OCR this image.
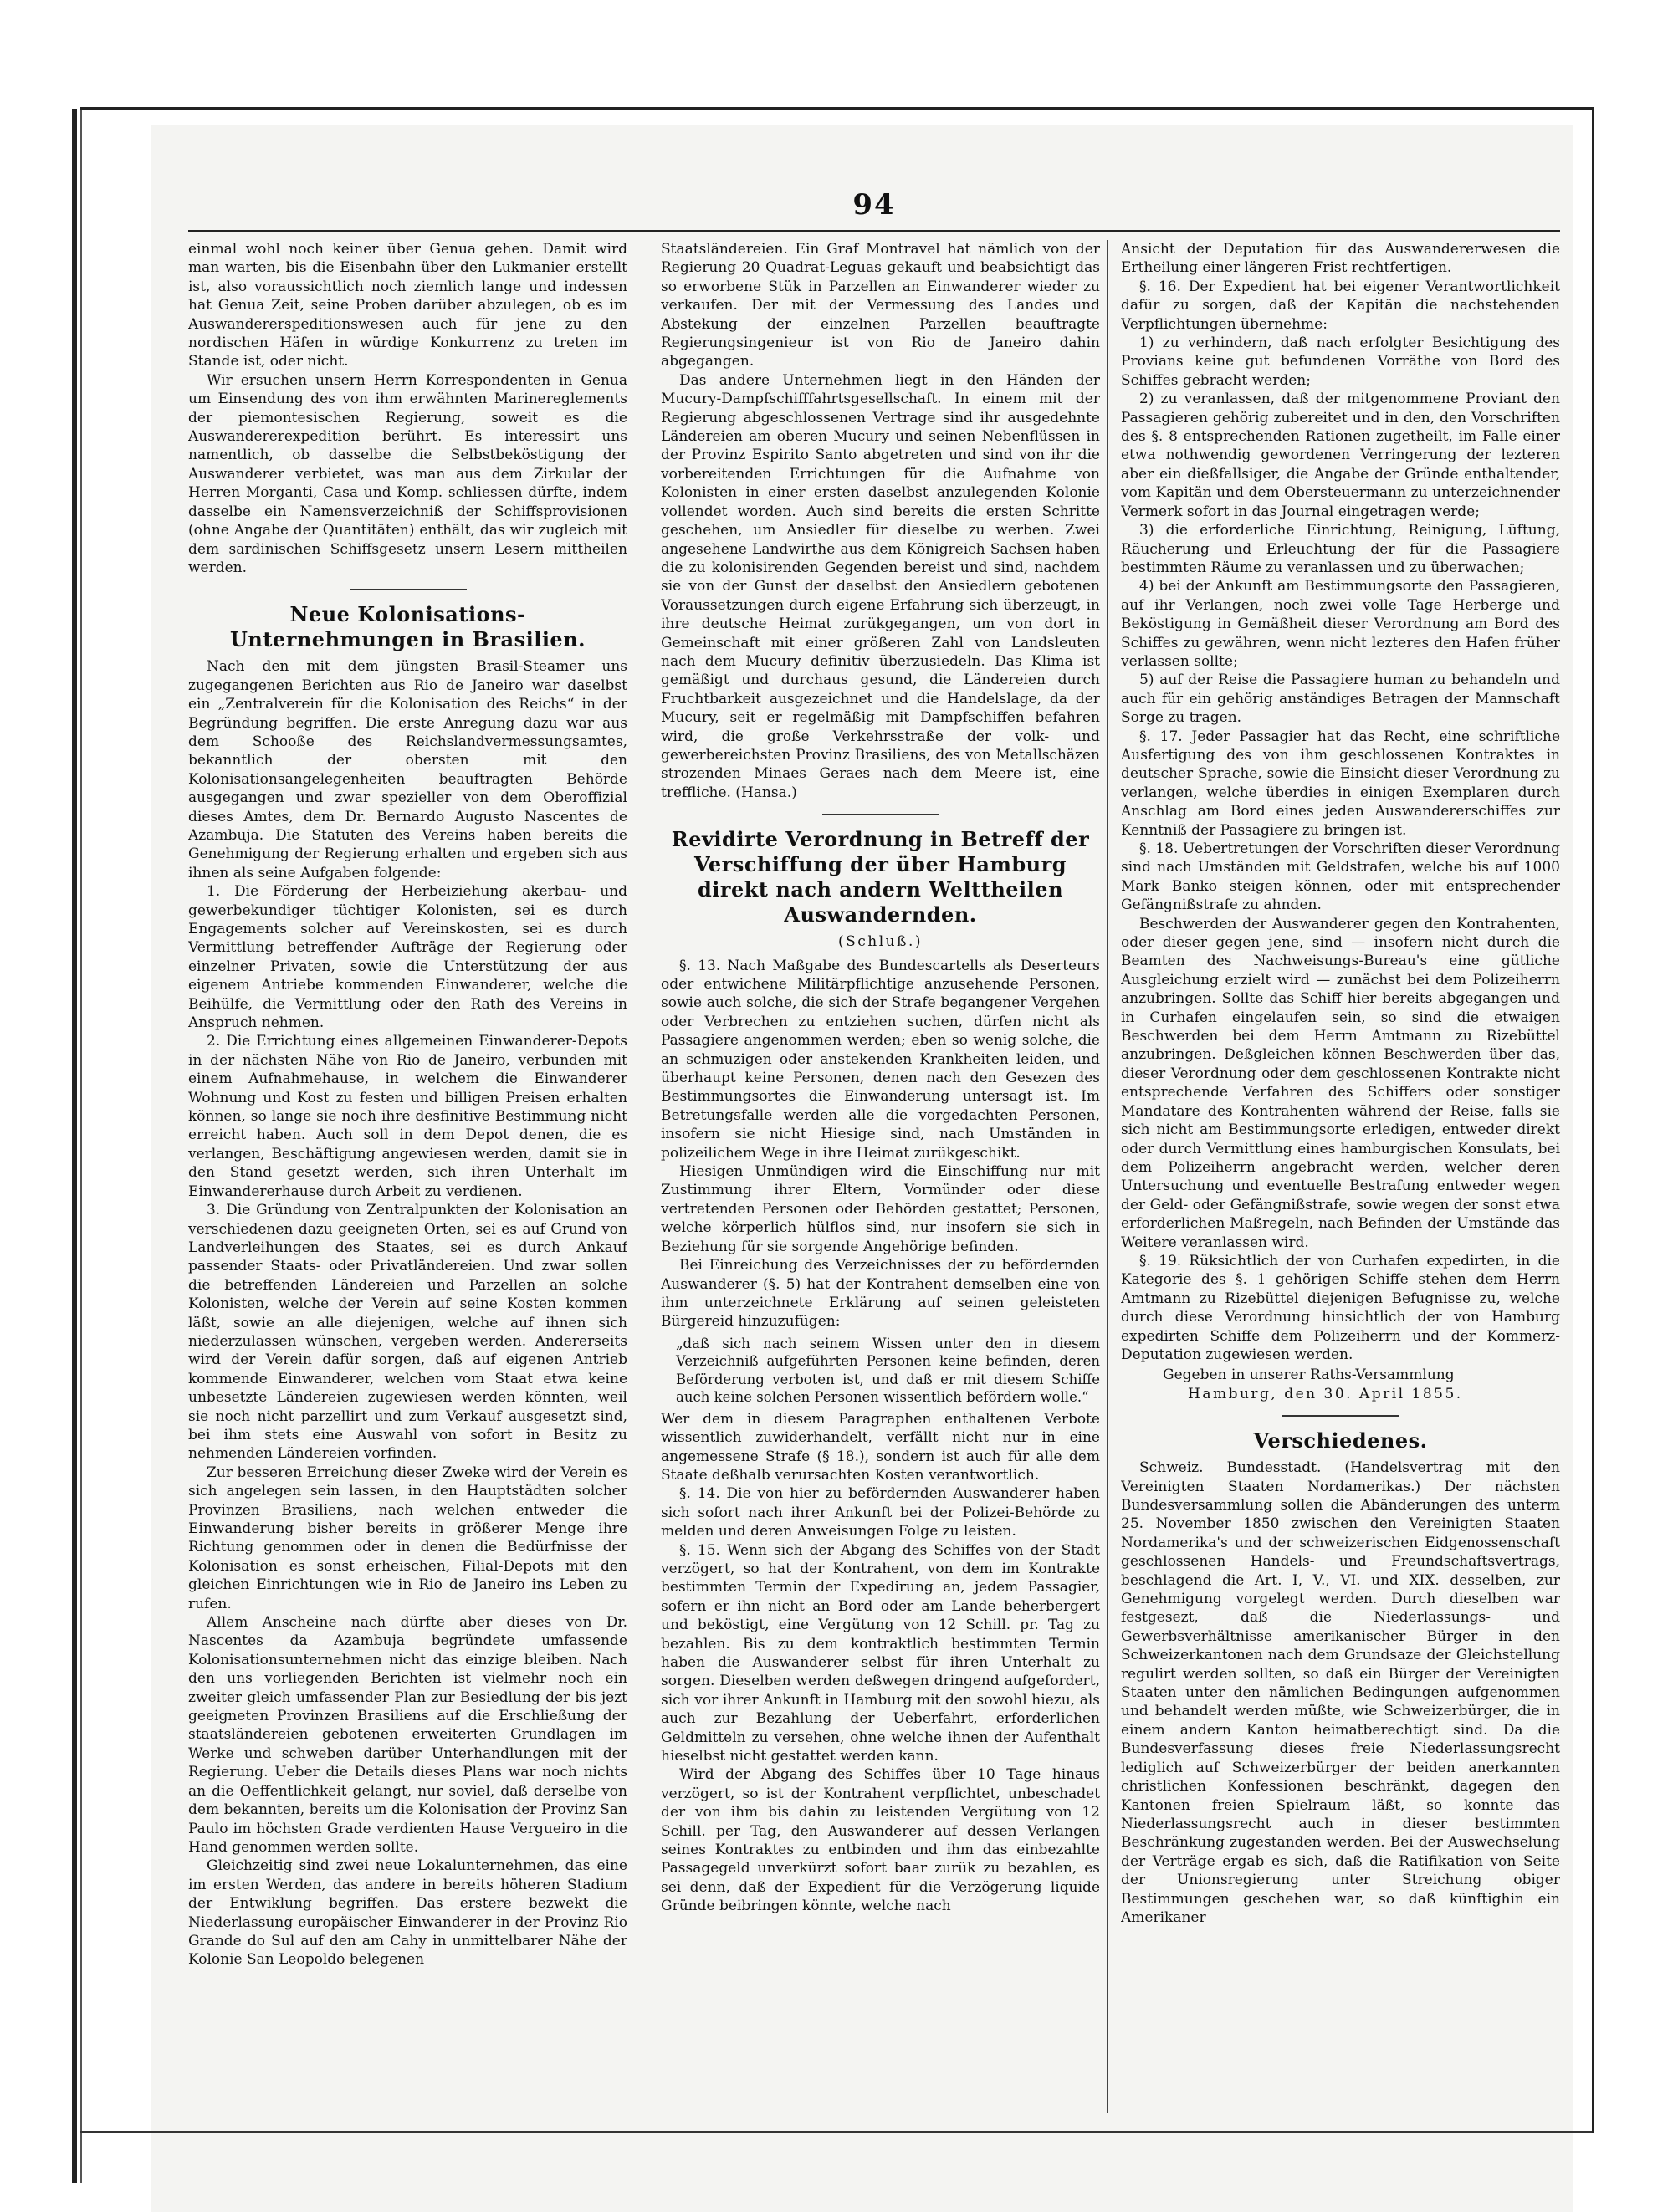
94

einmal wohl noch keiner über Genua gehen. Damit wird man warten, bis die Eisenbahn über den Lukmanier erstellt ist, also voraussichtlich noch ziemlich lange und indessen hat Genua Zeit, seine Proben darüber abzulegen, ob es im Auswandererspeditionswesen auch für jene zu den nordischen Häfen in würdige Konkurrenz zu treten im Stande ist, oder nicht.

Wir ersuchen unsern Herrn Korrespondenten in Genua um Einsendung des von ihm erwähnten Marinereglements der piemontesischen Regierung, soweit es die Auswandererexpedition berührt. Es interessirt uns namentlich, ob dasselbe die Selbstbeköstigung der Auswanderer verbietet, was man aus dem Zirkular der Herren Morganti, Casa und Komp. schliessen dürfte, indem dasselbe ein Namensverzeichniß der Schiffsprovisionen (ohne Angabe der Quantitäten) enthält, das wir zugleich mit dem sardinischen Schiffsgesetz unsern Lesern mittheilen werden.

Neue Kolonisations-Unternehmungen in Brasilien.

Nach den mit dem jüngsten Brasil-Steamer uns zugegangenen Berichten aus Rio de Janeiro war daselbst ein „Zentralverein für die Kolonisation des Reichs“ in der Begründung begriffen. Die erste Anregung dazu war aus dem Schooße des Reichslandvermessungsamtes, bekanntlich der obersten mit den Kolonisationsangelegenheiten beauftragten Behörde ausgegangen und zwar spezieller von dem Oberoffizial dieses Amtes, dem Dr. Bernardo Augusto Nascentes de Azambuja. Die Statuten des Vereins haben bereits die Genehmigung der Regierung erhalten und ergeben sich aus ihnen als seine Aufgaben folgende:

1. Die Förderung der Herbeiziehung akerbau- und gewerbekundiger tüchtiger Kolonisten, sei es durch Engagements solcher auf Vereinskosten, sei es durch Vermittlung betreffender Aufträge der Regierung oder einzelner Privaten, sowie die Unterstützung der aus eigenem Antriebe kommenden Einwanderer, welche die Beihülfe, die Vermittlung oder den Rath des Vereins in Anspruch nehmen.

2. Die Errichtung eines allgemeinen Einwanderer-Depots in der nächsten Nähe von Rio de Janeiro, verbunden mit einem Aufnahmehause, in welchem die Einwanderer Wohnung und Kost zu festen und billigen Preisen erhalten können, so lange sie noch ihre desfinitive Bestimmung nicht erreicht haben. Auch soll in dem Depot denen, die es verlangen, Beschäftigung angewiesen werden, damit sie in den Stand gesetzt werden, sich ihren Unterhalt im Einwandererhause durch Arbeit zu verdienen.

3. Die Gründung von Zentralpunkten der Kolonisation an verschiedenen dazu geeigneten Orten, sei es auf Grund von Landverleihungen des Staates, sei es durch Ankauf passender Staats- oder Privatländereien. Und zwar sollen die betreffenden Ländereien und Parzellen an solche Kolonisten, welche der Verein auf seine Kosten kommen läßt, sowie an alle diejenigen, welche auf ihnen sich niederzulassen wünschen, vergeben werden. Andererseits wird der Verein dafür sorgen, daß auf eigenen Antrieb kommende Einwanderer, welchen vom Staat etwa keine unbesetzte Ländereien zugewiesen werden könnten, weil sie noch nicht parzellirt und zum Verkauf ausgesetzt sind, bei ihm stets eine Auswahl von sofort in Besitz zu nehmenden Ländereien vorfinden.

Zur besseren Erreichung dieser Zweke wird der Verein es sich angelegen sein lassen, in den Hauptstädten solcher Provinzen Brasiliens, nach welchen entweder die Einwanderung bisher bereits in größerer Menge ihre Richtung genommen oder in denen die Bedürfnisse der Kolonisation es sonst erheischen, Filial-Depots mit den gleichen Einrichtungen wie in Rio de Janeiro ins Leben zu rufen.

Allem Anscheine nach dürfte aber dieses von Dr. Nascentes da Azambuja begründete umfassende Kolonisationsunternehmen nicht das einzige bleiben. Nach den uns vorliegenden Berichten ist vielmehr noch ein zweiter gleich umfassender Plan zur Besiedlung der bis jezt geeigneten Provinzen Brasiliens auf die Erschließung der staatsländereien gebotenen erweiterten Grundlagen im Werke und schweben darüber Unterhandlungen mit der Regierung. Ueber die Details dieses Plans war noch nichts an die Oeffentlichkeit gelangt, nur soviel, daß derselbe von dem bekannten, bereits um die Kolonisation der Provinz San Paulo im höchsten Grade verdienten Hause Vergueiro in die Hand genommen werden sollte.

Gleichzeitig sind zwei neue Lokalunternehmen, das eine im ersten Werden, das andere in bereits höheren Stadium der Entwiklung begriffen. Das erstere bezwekt die Niederlassung europäischer Einwanderer in der Provinz Rio Grande do Sul auf den am Cahy in unmittelbarer Nähe der Kolonie San Leopoldo belegenen

Staatsländereien. Ein Graf Montravel hat nämlich von der Regierung 20 Quadrat-Leguas gekauft und beabsichtigt das so erworbene Stük in Parzellen an Einwanderer wieder zu verkaufen. Der mit der Vermessung des Landes und Abstekung der einzelnen Parzellen beauftragte Regierungsingenieur ist von Rio de Janeiro dahin abgegangen.

Das andere Unternehmen liegt in den Händen der Mucury-Dampfschifffahrtsgesellschaft. In einem mit der Regierung abgeschlossenen Vertrage sind ihr ausgedehnte Ländereien am oberen Mucury und seinen Nebenflüssen in der Provinz Espirito Santo abgetreten und sind von ihr die vorbereitenden Errichtungen für die Aufnahme von Kolonisten in einer ersten daselbst anzulegenden Kolonie vollendet worden. Auch sind bereits die ersten Schritte geschehen, um Ansiedler für dieselbe zu werben. Zwei angesehene Landwirthe aus dem Königreich Sachsen haben die zu kolonisirenden Gegenden bereist und sind, nachdem sie von der Gunst der daselbst den Ansiedlern gebotenen Voraussetzungen durch eigene Erfahrung sich überzeugt, in ihre deutsche Heimat zurükgegangen, um von dort in Gemeinschaft mit einer größeren Zahl von Landsleuten nach dem Mucury definitiv überzusiedeln. Das Klima ist gemäßigt und durchaus gesund, die Ländereien durch Fruchtbarkeit ausgezeichnet und die Handelslage, da der Mucury, seit er regelmäßig mit Dampfschiffen befahren wird, die große Verkehrsstraße der volk- und gewerbereichsten Provinz Brasiliens, des von Metallschäzen strozenden Minaes Geraes nach dem Meere ist, eine treffliche. (Hansa.)

Revidirte Verordnung in Betreff der Verschiffung der über Hamburg direkt nach andern Welttheilen Auswandernden.
(Schluß.)

§. 13. Nach Maßgabe des Bundescartells als Deserteurs oder entwichene Militärpflichtige anzusehende Personen, sowie auch solche, die sich der Strafe begangener Vergehen oder Verbrechen zu entziehen suchen, dürfen nicht als Passagiere angenommen werden; eben so wenig solche, die an schmuzigen oder anstekenden Krankheiten leiden, und überhaupt keine Personen, denen nach den Gesezen des Bestimmungsortes die Einwanderung untersagt ist. Im Betretungsfalle werden alle die vorgedachten Personen, insofern sie nicht Hiesige sind, nach Umständen in polizeilichem Wege in ihre Heimat zurükgeschikt.

Hiesigen Unmündigen wird die Einschiffung nur mit Zustimmung ihrer Eltern, Vormünder oder diese vertretenden Personen oder Behörden gestattet; Personen, welche körperlich hülflos sind, nur insofern sie sich in Beziehung für sie sorgende Angehörige befinden.

Bei Einreichung des Verzeichnisses der zu befördernden Auswanderer (§. 5) hat der Kontrahent demselben eine von ihm unterzeichnete Erklärung auf seinen geleisteten Bürgereid hinzuzufügen:

„daß sich nach seinem Wissen unter den in diesem Verzeichniß aufgeführten Personen keine befinden, deren Beförderung verboten ist, und daß er mit diesem Schiffe auch keine solchen Personen wissentlich befördern wolle.“

Wer dem in diesem Paragraphen enthaltenen Verbote wissentlich zuwiderhandelt, verfällt nicht nur in eine angemessene Strafe (§ 18.), sondern ist auch für alle dem Staate deßhalb verursachten Kosten verantwortlich.

§. 14. Die von hier zu befördernden Auswanderer haben sich sofort nach ihrer Ankunft bei der Polizei-Behörde zu melden und deren Anweisungen Folge zu leisten.

§. 15. Wenn sich der Abgang des Schiffes von der Stadt verzögert, so hat der Kontrahent, von dem im Kontrakte bestimmten Termin der Expedirung an, jedem Passagier, sofern er ihn nicht an Bord oder am Lande beherbergert und beköstigt, eine Vergütung von 12 Schill. pr. Tag zu bezahlen. Bis zu dem kontraktlich bestimmten Termin haben die Auswanderer selbst für ihren Unterhalt zu sorgen. Dieselben werden deßwegen dringend aufgefordert, sich vor ihrer Ankunft in Hamburg mit den sowohl hiezu, als auch zur Bezahlung der Ueberfahrt, erforderlichen Geldmitteln zu versehen, ohne welche ihnen der Aufenthalt hieselbst nicht gestattet werden kann.

Wird der Abgang des Schiffes über 10 Tage hinaus verzögert, so ist der Kontrahent verpflichtet, unbeschadet der von ihm bis dahin zu leistenden Vergütung von 12 Schill. per Tag, den Auswanderer auf dessen Verlangen seines Kontraktes zu entbinden und ihm das einbezahlte Passagegeld unverkürzt sofort baar zurük zu bezahlen, es sei denn, daß der Expedient für die Verzögerung liquide Gründe beibringen könnte, welche nach

Ansicht der Deputation für das Auswandererwesen die Ertheilung einer längeren Frist rechtfertigen.

§. 16. Der Expedient hat bei eigener Verantwortlichkeit dafür zu sorgen, daß der Kapitän die nachstehenden Verpflichtungen übernehme:

1) zu verhindern, daß nach erfolgter Besichtigung des Provians keine gut befundenen Vorräthe von Bord des Schiffes gebracht werden;

2) zu veranlassen, daß der mitgenommene Proviant den Passagieren gehörig zubereitet und in den, den Vorschriften des §. 8 entsprechenden Rationen zugetheilt, im Falle einer etwa nothwendig gewordenen Verringerung der lezteren aber ein dießfallsiger, die Angabe der Gründe enthaltender, vom Kapitän und dem Obersteuermann zu unterzeichnender Vermerk sofort in das Journal eingetragen werde;

3) die erforderliche Einrichtung, Reinigung, Lüftung, Räucherung und Erleuchtung der für die Passagiere bestimmten Räume zu veranlassen und zu überwachen;

4) bei der Ankunft am Bestimmungsorte den Passagieren, auf ihr Verlangen, noch zwei volle Tage Herberge und Beköstigung in Gemäßheit dieser Verordnung am Bord des Schiffes zu gewähren, wenn nicht lezteres den Hafen früher verlassen sollte;

5) auf der Reise die Passagiere human zu behandeln und auch für ein gehörig anständiges Betragen der Mannschaft Sorge zu tragen.

§. 17. Jeder Passagier hat das Recht, eine schriftliche Ausfertigung des von ihm geschlossenen Kontraktes in deutscher Sprache, sowie die Einsicht dieser Verordnung zu verlangen, welche überdies in einigen Exemplaren durch Anschlag am Bord eines jeden Auswandererschiffes zur Kenntniß der Passagiere zu bringen ist.

§. 18. Uebertretungen der Vorschriften dieser Verordnung sind nach Umständen mit Geldstrafen, welche bis auf 1000 Mark Banko steigen können, oder mit entsprechender Gefängnißstrafe zu ahnden.

Beschwerden der Auswanderer gegen den Kontrahenten, oder dieser gegen jene, sind — insofern nicht durch die Beamten des Nachweisungs-Bureau's eine gütliche Ausgleichung erzielt wird — zunächst bei dem Polizeiherrn anzubringen. Sollte das Schiff hier bereits abgegangen und in Curhafen eingelaufen sein, so sind die etwaigen Beschwerden bei dem Herrn Amtmann zu Rizebüttel anzubringen. Deßgleichen können Beschwerden über das, dieser Verordnung oder dem geschlossenen Kontrakte nicht entsprechende Verfahren des Schiffers oder sonstiger Mandatare des Kontrahenten während der Reise, falls sie sich nicht am Bestimmungsorte erledigen, entweder direkt oder durch Vermittlung eines hamburgischen Konsulats, bei dem Polizeiherrn angebracht werden, welcher deren Untersuchung und eventuelle Bestrafung entweder wegen der Geld- oder Gefängnißstrafe, sowie wegen der sonst etwa erforderlichen Maßregeln, nach Befinden der Umstände das Weitere veranlassen wird.

§. 19. Rüksichtlich der von Curhafen expedirten, in die Kategorie des §. 1 gehörigen Schiffe stehen dem Herrn Amtmann zu Rizebüttel diejenigen Befugnisse zu, welche durch diese Verordnung hinsichtlich der von Hamburg expedirten Schiffe dem Polizeiherrn und der Kommerz-Deputation zugewiesen werden.

Gegeben in unserer Raths-Versammlung

Hamburg, den 30. April 1855.

Verschiedenes.

Schweiz. Bundesstadt. (Handelsvertrag mit den Vereinigten Staaten Nordamerikas.) Der nächsten Bundesversammlung sollen die Abänderungen des unterm 25. November 1850 zwischen den Vereinigten Staaten Nordamerika's und der schweizerischen Eidgenossenschaft geschlossenen Handels- und Freundschaftsvertrags, beschlagend die Art. I, V., VI. und XIX. desselben, zur Genehmigung vorgelegt werden. Durch dieselben war festgesezt, daß die Niederlassungs- und Gewerbsverhältnisse amerikanischer Bürger in den Schweizerkantonen nach dem Grundsaze der Gleichstellung regulirt werden sollten, so daß ein Bürger der Vereinigten Staaten unter den nämlichen Bedingungen aufgenommen und behandelt werden müßte, wie Schweizerbürger, die in einem andern Kanton heimatberechtigt sind. Da die Bundesverfassung dieses freie Niederlassungsrecht lediglich auf Schweizerbürger der beiden anerkannten christlichen Konfessionen beschränkt, dagegen den Kantonen freien Spielraum läßt, so konnte das Niederlassungsrecht auch in dieser bestimmten Beschränkung zugestanden werden. Bei der Auswechselung der Verträge ergab es sich, daß die Ratifikation von Seite der Unionsregierung unter Streichung obiger Bestimmungen geschehen war, so daß künftighin ein Amerikaner
